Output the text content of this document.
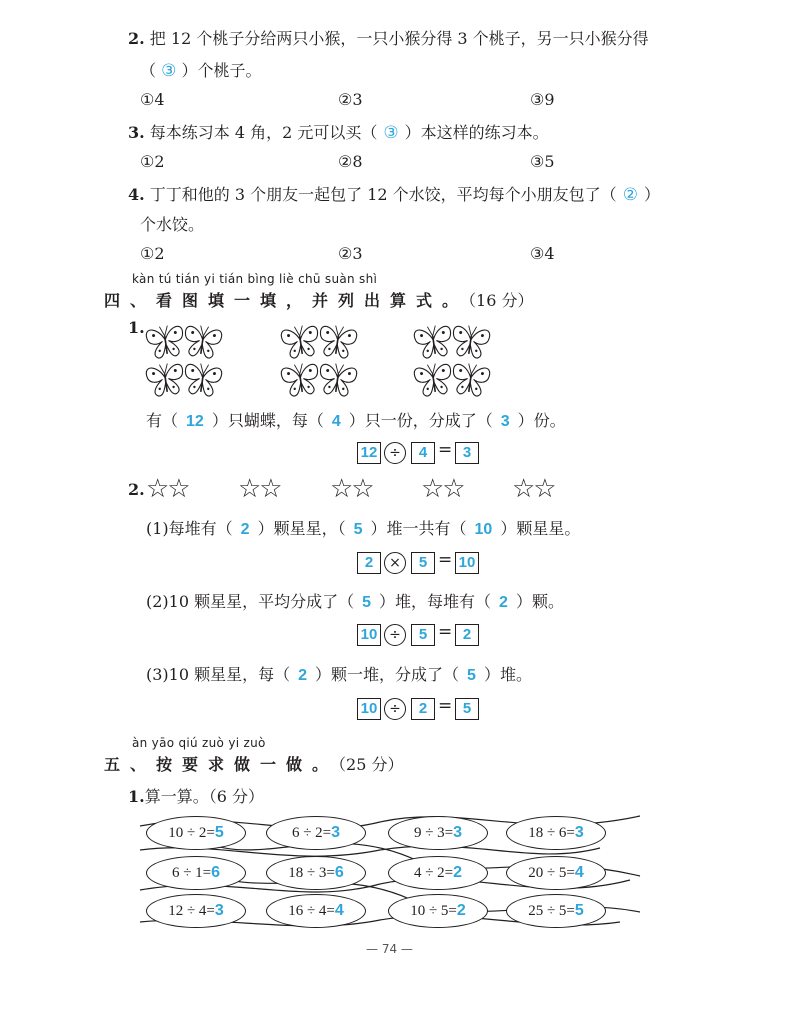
2. 把 12 个桃子分给两只小猴，一只小猴分得 3 个桃子，另一只小猴分得
（ ③ ）个桃子。
①4	②3	③9
3. 每本练习本 4 角，2 元可以买（ ③ ）本这样的练习本。
①2	②8	③5
4. 丁丁和他的 3 个朋友一起包了 12 个水饺，平均每个小朋友包了（ ② ）
个水饺。
①2	②3	③4
kàn tú tián yi tián bìng liè chū suàn shì
四、看图填一填，并列出算式。（16 分）
1.
有（ 12 ）只蝴蝶，每（ 4 ）只一份，分成了（ 3 ）份。
12 ÷	4 = 3
2. ☆☆ ☆☆ ☆☆ ☆☆ ☆☆
(1)每堆有（ 2 ）颗星星，（ 5 ）堆一共有（ 10 ）颗星星。
2	×	5 = 10
(2)10 颗星星，平均分成了（ 5 ）堆，每堆有（ 2 ）颗。
10 ÷	5 = 2
(3)10 颗星星，每（ 2 ）颗一堆，分成了（ 5 ）堆。
10 ÷	2 = 5
àn yāo qiú zuò yi zuò
五、按要求做一做。（25 分）
1.算一算。（6 分）
10 ÷ 2=5	6 ÷ 2=3	9 ÷ 3=3	18 ÷ 6=3
6 ÷ 1=6	18 ÷ 3=6	4 ÷ 2=2	20 ÷ 5=4
12 ÷ 4=3	16 ÷ 4=4	10 ÷ 5=2	25 ÷ 5=5
— 74 —
